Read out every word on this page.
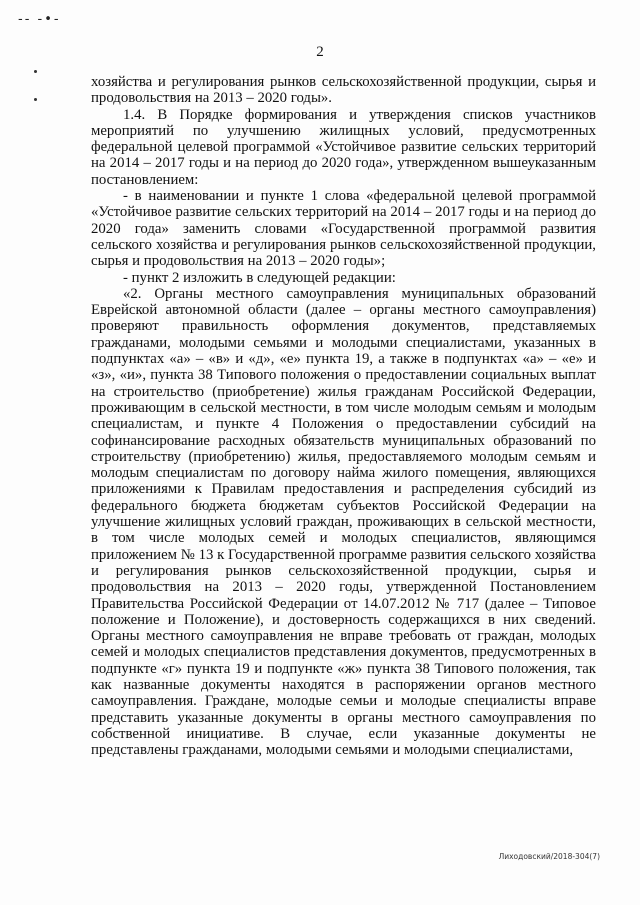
-‐ -•-
2

хозяйства и регулирования рынков сельскохозяйственной продукции, сырья и продовольствия на 2013 – 2020 годы».

1.4. В Порядке формирования и утверждения списков участников мероприятий по улучшению жилищных условий, предусмотренных федеральной целевой программой «Устойчивое развитие сельских территорий на 2014 – 2017 годы и на период до 2020 года», утвержденном вышеуказанным постановлением:

- в наименовании и пункте 1 слова «федеральной целевой программой «Устойчивое развитие сельских территорий на 2014 – 2017 годы и на период до 2020 года» заменить словами «Государственной программой развития сельского хозяйства и регулирования рынков сельскохозяйственной продукции, сырья и продовольствия на 2013 – 2020 годы»;

- пункт 2 изложить в следующей редакции:

«2. Органы местного самоуправления муниципальных образований Еврейской автономной области (далее – органы местного самоуправления) проверяют правильность оформления документов, представляемых гражданами, молодыми семьями и молодыми специалистами, указанных в подпунктах «а» – «в» и «д», «е» пункта 19, а также в подпунктах «а» – «е» и «з», «и», пункта 38 Типового положения о предоставлении социальных выплат на строительство (приобретение) жилья гражданам Российской Федерации, проживающим в сельской местности, в том числе молодым семьям и молодым специалистам, и пункте 4 Положения о предоставлении субсидий на софинансирование расходных обязательств муниципальных образований по строительству (приобретению) жилья, предоставляемого молодым семьям и молодым специалистам по договору найма жилого помещения, являющихся приложениями к Правилам предоставления и распределения субсидий из федерального бюджета бюджетам субъектов Российской Федерации на улучшение жилищных условий граждан, проживающих в сельской местности, в том числе молодых семей и молодых специалистов, являющимся приложением № 13 к Государственной программе развития сельского хозяйства и регулирования рынков сельскохозяйственной продукции, сырья и продовольствия на 2013 – 2020 годы, утвержденной Постановлением Правительства Российской Федерации от 14.07.2012 № 717 (далее – Типовое положение и Положение), и достоверность содержащихся в них сведений. Органы местного самоуправления не вправе требовать от граждан, молодых семей и молодых специалистов представления документов, предусмотренных в подпункте «г» пункта 19 и подпункте «ж» пункта 38 Типового положения, так как названные документы находятся в распоряжении органов местного самоуправления. Граждане, молодые семьи и молодые специалисты вправе представить указанные документы в органы местного самоуправления по собственной инициативе. В случае, если указанные документы не представлены гражданами, молодыми семьями и молодыми специалистами,

Лиходовский/2018-304(7)
